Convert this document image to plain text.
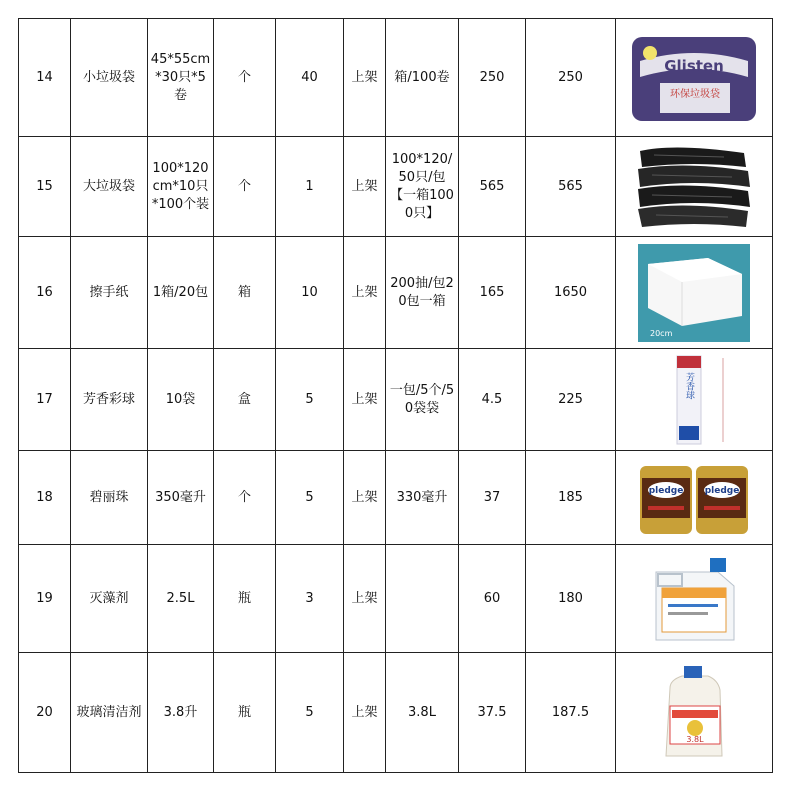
14	小垃圾袋	45*55cm*30只*5卷	个	40	上架	箱/100卷	250	250	Glisten
环保垃圾袋

15	大垃圾袋	100*120cm*10只*100个装	个	1	上架	100*120/50只/包【一箱1000只】	565	565	

16	擦手纸	1箱/20包	箱	10	上架	200抽/包20包一箱	165	1650	20cm

17	芳香彩球	10袋	盒	5	上架	一包/5个/50袋袋	4.5	225	芳香球

18	碧丽珠	350毫升	个	5	上架	330毫升	37	185	pledge pledge

19	灭藻剂	2.5L	瓶	3	上架		60	180	

20	玻璃清洁剂	3.8升	瓶	5	上架	3.8L	37.5	187.5	3.8L
